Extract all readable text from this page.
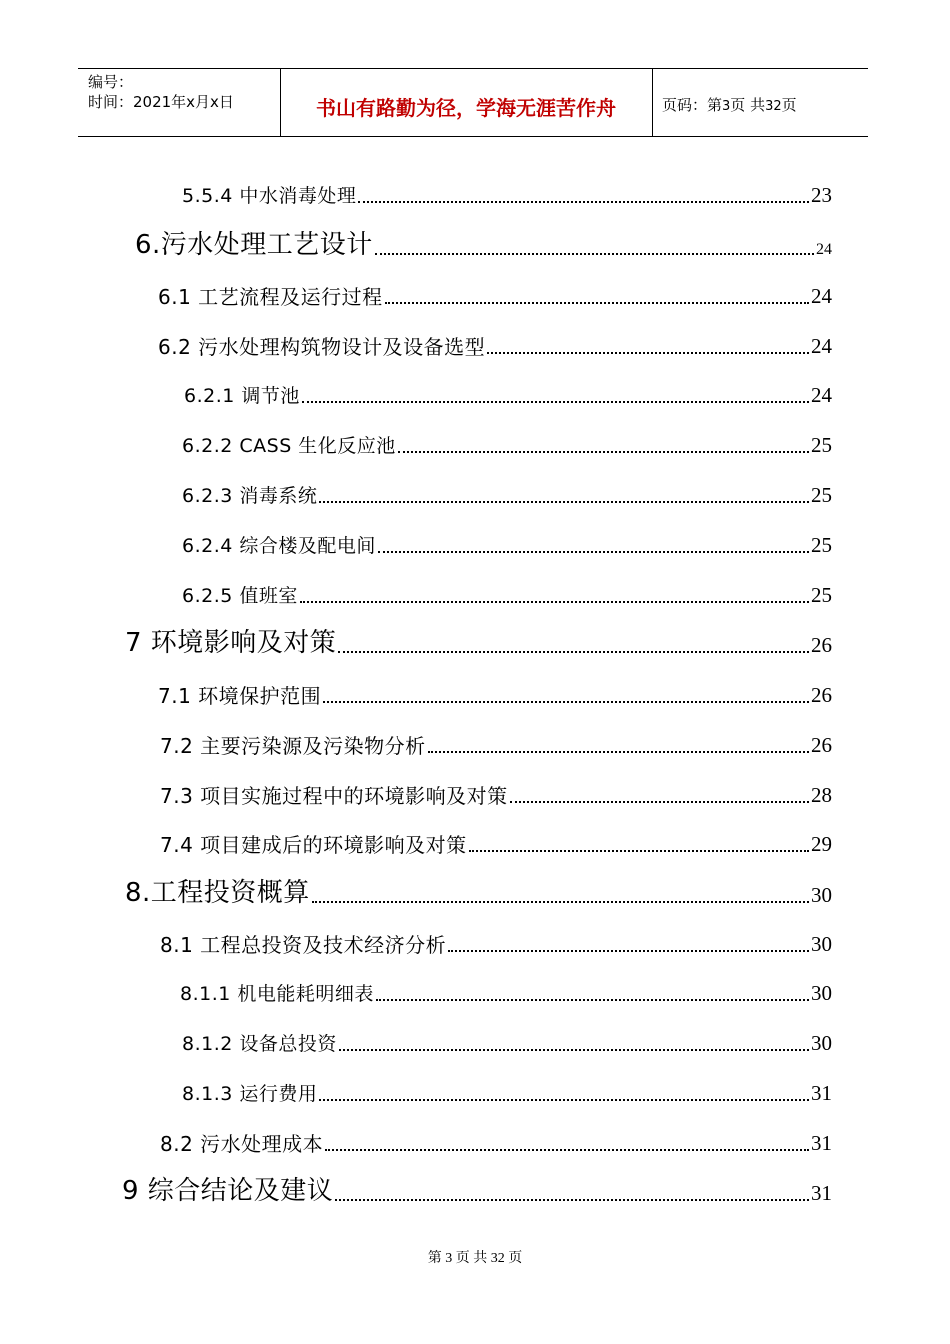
编号：
时间：2021年x月x日	书山有路勤为径，学海无涯苦作舟	页码：第3页 共32页
5.5.4 中水消毒处理	23
6.污水处理工艺设计	24
6.1 工艺流程及运行过程	24
6.2 污水处理构筑物设计及设备选型	24
6.2.1 调节池	24
6.2.2 CASS 生化反应池	25
6.2.3 消毒系统	25
6.2.4 综合楼及配电间	25
6.2.5 值班室	25
7 环境影响及对策	26
7.1 环境保护范围	26
7.2 主要污染源及污染物分析	26
7.3 项目实施过程中的环境影响及对策	28
7.4 项目建成后的环境影响及对策	29
8.工程投资概算	30
8.1 工程总投资及技术经济分析	30
8.1.1 机电能耗明细表	30
8.1.2 设备总投资	30
8.1.3 运行费用	31
8.2 污水处理成本	31
9 综合结论及建议	31
第 3 页 共 32 页
